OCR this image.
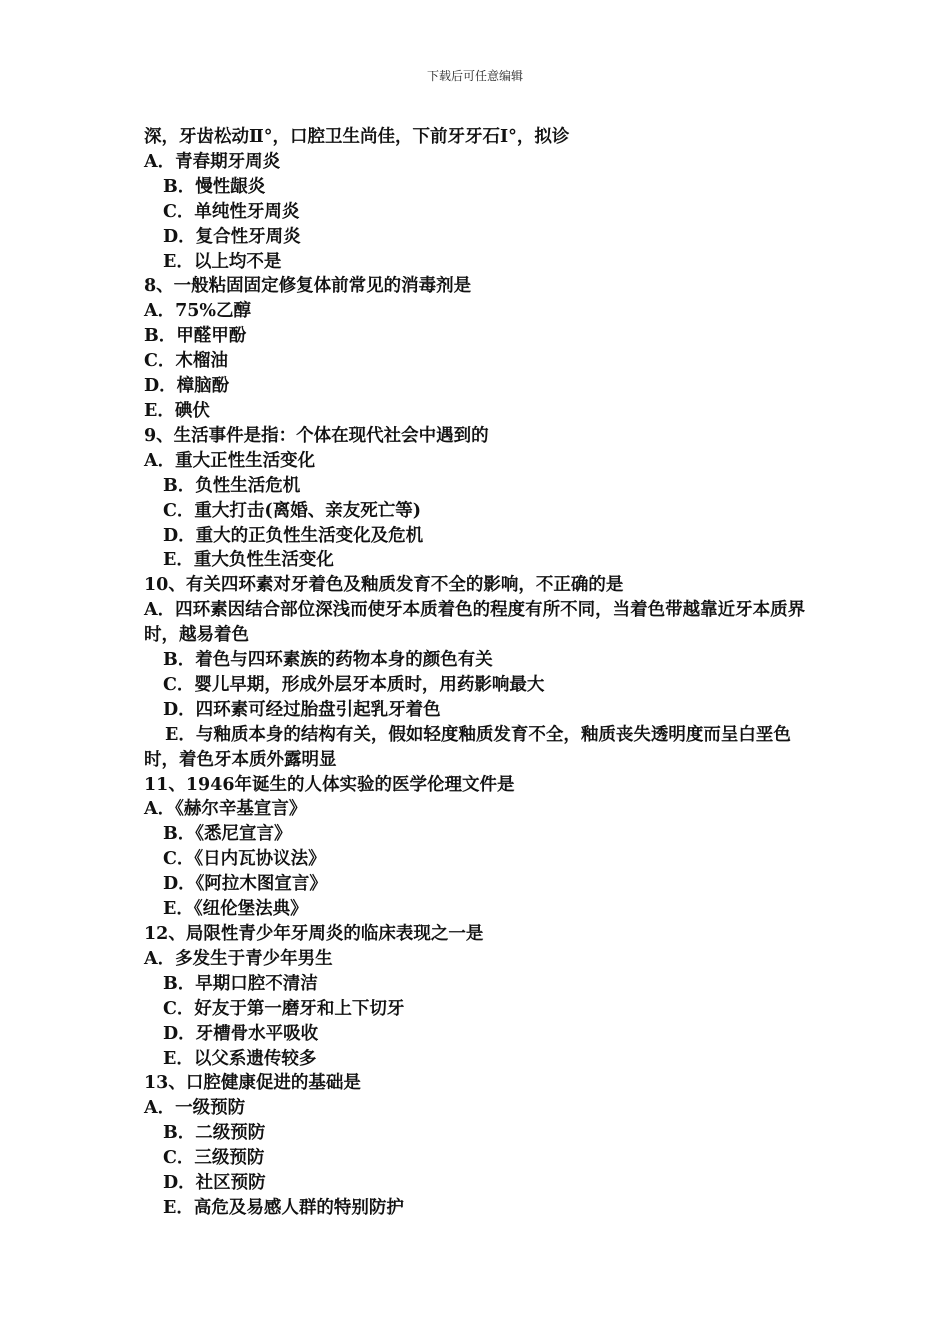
下载后可任意编辑
深，牙齿松动Ⅱ°，口腔卫生尚佳，下前牙牙石Ⅰ°，拟诊
A．青春期牙周炎
B．慢性龈炎
C．单纯性牙周炎
D．复合性牙周炎
E．以上均不是
8、一般粘固固定修复体前常见的消毒剂是
A．75%乙醇
B．甲醛甲酚
C．木榴油
D．樟脑酚
E．碘伏
9、生活事件是指：个体在现代社会中遇到的
A．重大正性生活变化
B．负性生活危机
C．重大打击(离婚、亲友死亡等)
D．重大的正负性生活变化及危机
E．重大负性生活变化
10、有关四环素对牙着色及釉质发育不全的影响，不正确的是
A．四环素因结合部位深浅而使牙本质着色的程度有所不同，当着色带越靠近牙本质界时，越易着色
B．着色与四环素族的药物本身的颜色有关
C．婴儿早期，形成外层牙本质时，用药影响最大
D．四环素可经过胎盘引起乳牙着色
E．与釉质本身的结构有关，假如轻度釉质发育不全，釉质丧失透明度而呈白垩色时，着色牙本质外露明显
11、1946年诞生的人体实验的医学伦理文件是
A．《赫尔辛基宣言》
B．《悉尼宣言》
C．《日内瓦协议法》
D．《阿拉木图宣言》
E．《纽伦堡法典》
12、局限性青少年牙周炎的临床表现之一是
A．多发生于青少年男生
B．早期口腔不清洁
C．好友于第一磨牙和上下切牙
D．牙槽骨水平吸收
E．以父系遗传较多
13、口腔健康促进的基础是
A．一级预防
B．二级预防
C．三级预防
D．社区预防
E．高危及易感人群的特别防护
